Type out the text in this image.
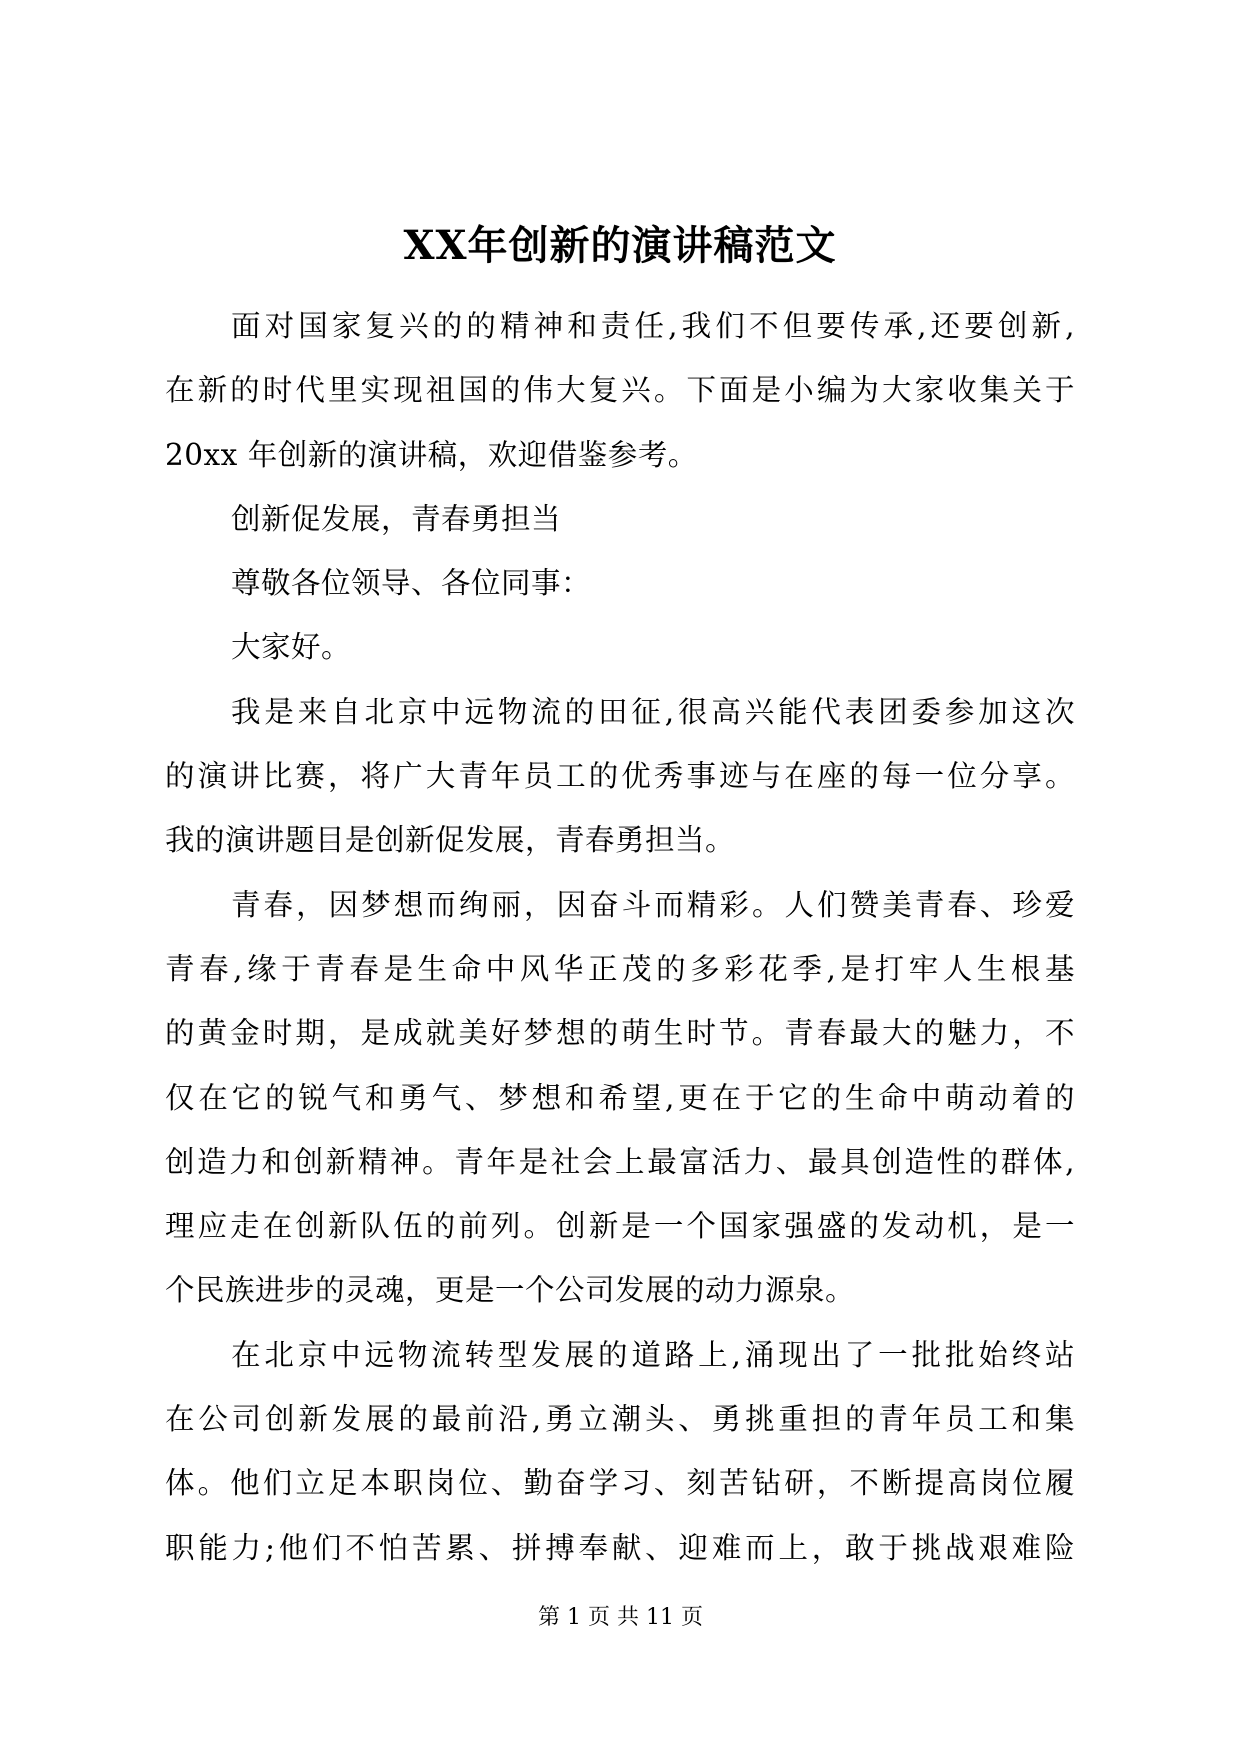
XX年创新的演讲稿范文
面对国家复兴的的精神和责任,我们不但要传承,还要创新,
在新的时代里实现祖国的伟大复兴。下面是小编为大家收集关于
20xx 年创新的演讲稿，欢迎借鉴参考。
创新促发展，青春勇担当
尊敬各位领导、各位同事：
大家好。
我是来自北京中远物流的田征,很高兴能代表团委参加这次
的演讲比赛，将广大青年员工的优秀事迹与在座的每一位分享。
我的演讲题目是创新促发展，青春勇担当。
青春，因梦想而绚丽，因奋斗而精彩。人们赞美青春、珍爱
青春,缘于青春是生命中风华正茂的多彩花季,是打牢人生根基
的黄金时期，是成就美好梦想的萌生时节。青春最大的魅力，不
仅在它的锐气和勇气、梦想和希望,更在于它的生命中萌动着的
创造力和创新精神。青年是社会上最富活力、最具创造性的群体,
理应走在创新队伍的前列。创新是一个国家强盛的发动机，是一
个民族进步的灵魂，更是一个公司发展的动力源泉。
在北京中远物流转型发展的道路上,涌现出了一批批始终站
在公司创新发展的最前沿,勇立潮头、勇挑重担的青年员工和集
体。他们立足本职岗位、勤奋学习、刻苦钻研，不断提高岗位履
职能力;他们不怕苦累、拼搏奉献、迎难而上，敢于挑战艰难险
第 1 页 共 11 页
